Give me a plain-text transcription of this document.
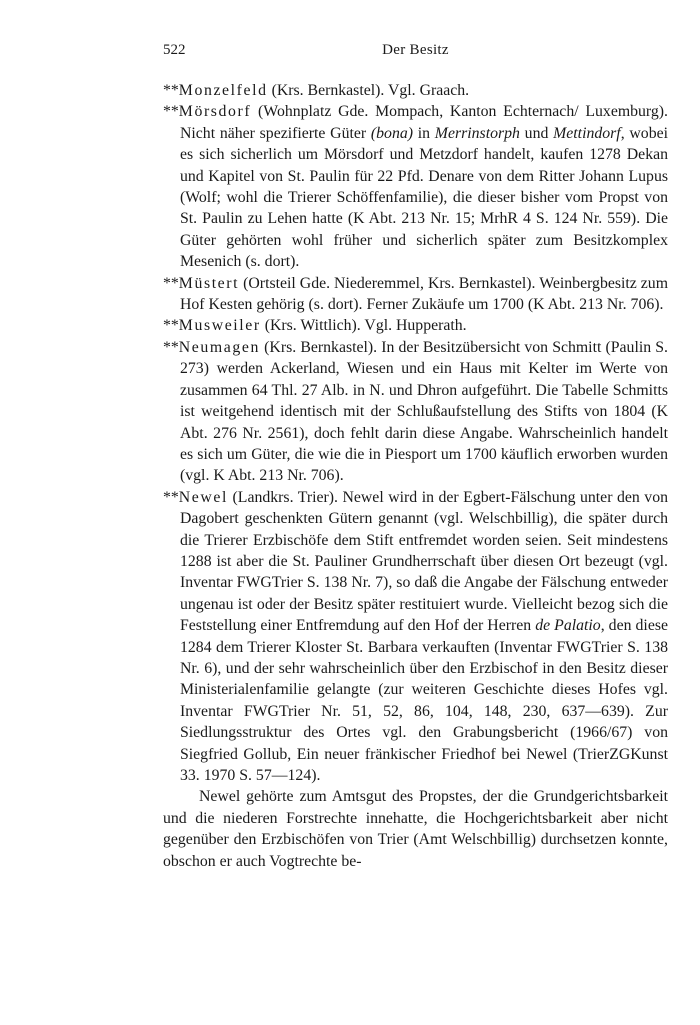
522	Der Besitz

**Monzelfeld (Krs. Bernkastel). Vgl. Graach.

**Mörsdorf (Wohnplatz Gde. Mompach, Kanton Echternach/ Luxemburg). Nicht näher spezifierte Güter (bona) in Merrinstorph und Mettindorf, wobei es sich sicherlich um Mörsdorf und Metzdorf handelt, kaufen 1278 Dekan und Kapitel von St. Paulin für 22 Pfd. Denare von dem Ritter Johann Lupus (Wolf; wohl die Trierer Schöffenfamilie), die dieser bisher vom Propst von St. Paulin zu Lehen hatte (K Abt. 213 Nr. 15; MrhR 4 S. 124 Nr. 559). Die Güter gehörten wohl früher und sicherlich später zum Besitzkomplex Mesenich (s. dort).

**Müstert (Ortsteil Gde. Niederemmel, Krs. Bernkastel). Weinbergbesitz zum Hof Kesten gehörig (s. dort). Ferner Zukäufe um 1700 (K Abt. 213 Nr. 706).

**Musweiler (Krs. Wittlich). Vgl. Hupperath.

**Neumagen (Krs. Bernkastel). In der Besitzübersicht von Schmitt (Paulin S. 273) werden Ackerland, Wiesen und ein Haus mit Kelter im Werte von zusammen 64 Thl. 27 Alb. in N. und Dhron aufgeführt. Die Tabelle Schmitts ist weitgehend identisch mit der Schlußaufstellung des Stifts von 1804 (K Abt. 276 Nr. 2561), doch fehlt darin diese Angabe. Wahrscheinlich handelt es sich um Güter, die wie die in Piesport um 1700 käuflich erworben wurden (vgl. K Abt. 213 Nr. 706).

**Newel (Landkrs. Trier). Newel wird in der Egbert-Fälschung unter den von Dagobert geschenkten Gütern genannt (vgl. Welschbillig), die später durch die Trierer Erzbischöfe dem Stift entfremdet worden seien. Seit mindestens 1288 ist aber die St. Pauliner Grundherrschaft über diesen Ort bezeugt (vgl. Inventar FWGTrier S. 138 Nr. 7), so daß die Angabe der Fälschung entweder ungenau ist oder der Besitz später restituiert wurde. Vielleicht bezog sich die Feststellung einer Entfremdung auf den Hof der Herren de Palatio, den diese 1284 dem Trierer Kloster St. Barbara verkauften (Inventar FWGTrier S. 138 Nr. 6), und der sehr wahrscheinlich über den Erzbischof in den Besitz dieser Ministerialenfamilie gelangte (zur weiteren Geschichte dieses Hofes vgl. Inventar FWGTrier Nr. 51, 52, 86, 104, 148, 230, 637—639). Zur Siedlungsstruktur des Ortes vgl. den Grabungsbericht (1966/67) von Siegfried Gollub, Ein neuer fränkischer Friedhof bei Newel (TrierZGKunst 33. 1970 S. 57—124).

Newel gehörte zum Amtsgut des Propstes, der die Grundgerichtsbarkeit und die niederen Forstrechte innehatte, die Hochgerichtsbarkeit aber nicht gegenüber den Erzbischöfen von Trier (Amt Welschbillig) durchsetzen konnte, obschon er auch Vogtrechte be-
